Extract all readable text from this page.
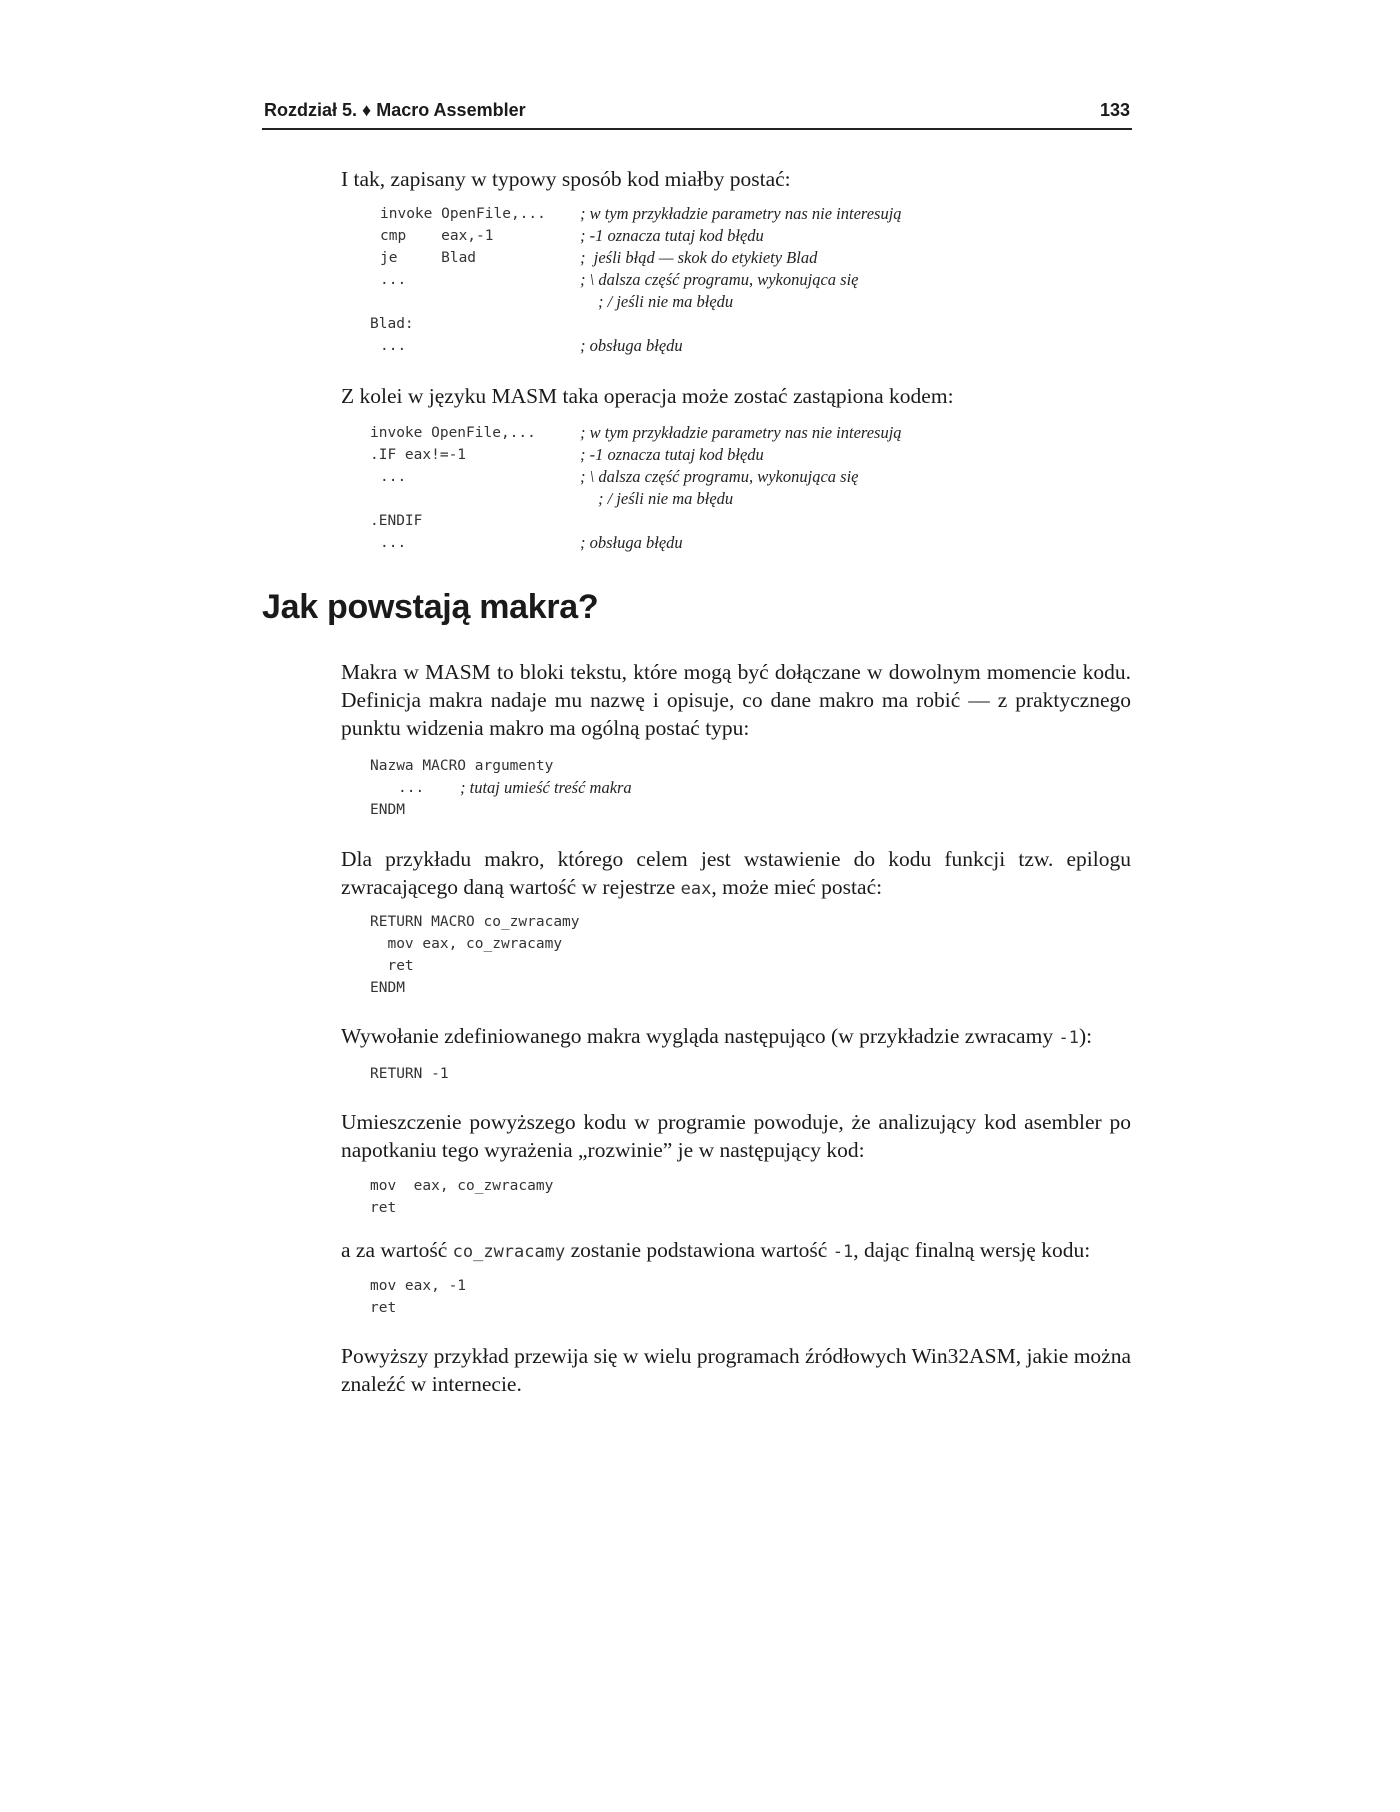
Rozdział 5. ♦ Macro Assembler	133

I tak, zapisany w typowy sposób kod miałby postać:

invoke OpenFile,... ; w tym przykładzie parametry nas nie interesują
cmp    eax,-1	; -1 oznacza tutaj kod błędu
je     Blad	;  jeśli błąd — skok do etykiety Blad
...	; \ dalsza część programu, wykonująca się
; / jeśli nie ma błędu
Blad:
...	; obsługa błędu

Z kolei w języku MASM taka operacja może zostać zastąpiona kodem:

invoke OpenFile,...	; w tym przykładzie parametry nas nie interesują
.IF eax!=-1	; -1 oznacza tutaj kod błędu
...	; \ dalsza część programu, wykonująca się
; / jeśli nie ma błędu
.ENDIF
...	; obsługa błędu
Jak powstają makra?

Makra w MASM to bloki tekstu, które mogą być dołączane w dowolnym momencie kodu. Definicja makra nadaje mu nazwę i opisuje, co dane makro ma robić — z praktycznego punktu widzenia makro ma ogólną postać typu:

Nazwa MACRO argumenty
... ; tutaj umieść treść makra
ENDM

Dla przykładu makro, którego celem jest wstawienie do kodu funkcji tzw. epilogu zwracającego daną wartość w rejestrze eax, może mieć postać:

RETURN MACRO co_zwracamy
mov eax, co_zwracamy
ret
ENDM

Wywołanie zdefiniowanego makra wygląda następująco (w przykładzie zwracamy -1):

RETURN -1

Umieszczenie powyższego kodu w programie powoduje, że analizujący kod asembler po napotkaniu tego wyrażenia „rozwinie” je w następujący kod:

mov  eax, co_zwracamy
ret

a za wartość co_zwracamy zostanie podstawiona wartość -1, dając finalną wersję kodu:

mov eax, -1
ret

Powyższy przykład przewija się w wielu programach źródłowych Win32ASM, jakie można znaleźć w internecie.
